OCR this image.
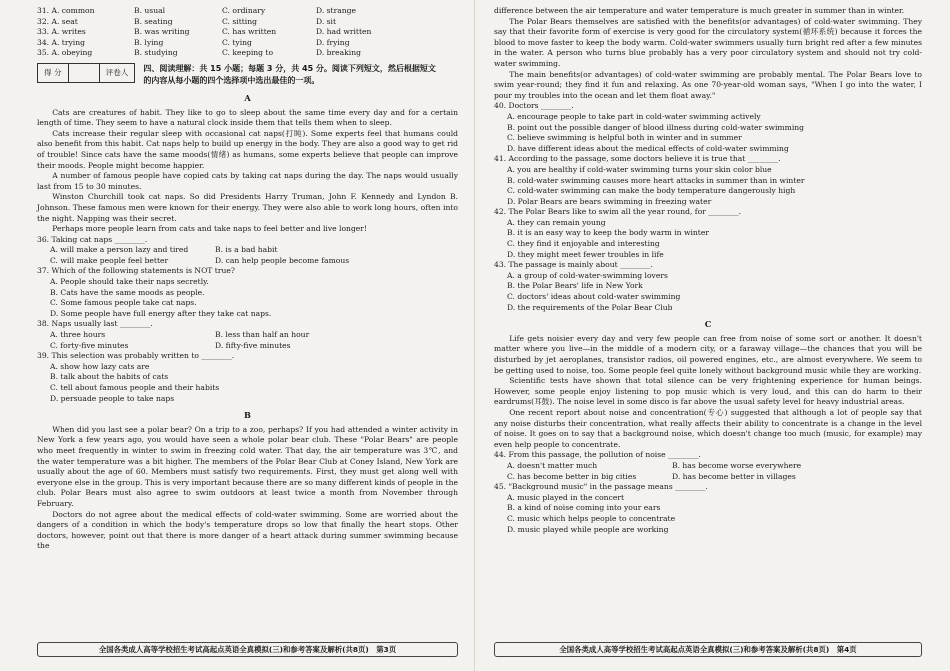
31. A. common	B. usual	C. ordinary	D. strange
32. A. seat	B. seating	C. sitting	D. sit
33. A. writes	B. was writing	C. has written	D. had written
34. A. trying	B. lying	C. tying	D. frying
35. A. obeying	B. studying	C. keeping to	D. breaking
得 分	评卷人	四、阅读理解：共 15 小题；每题 3 分，共 45 分。阅读下列短文，然后根据短文的内容从每小题的四个选择项中选出最佳的一项。
A

Cats are creatures of habit. They like to go to sleep about the same time every day and for a certain length of time. They seem to have a natural clock inside them that tells them when to sleep.

Cats increase their regular sleep with occasional cat naps(打盹). Some experts feel that humans could also benefit from this habit. Cat naps help to build up energy in the body. They are also a good way to get rid of trouble! Since cats have the same moods(情绪) as humans, some experts believe that people can improve their moods. People might become happier.

A number of famous people have copied cats by taking cat naps during the day. The naps would usually last from 15 to 30 minutes.

Winston Churchill took cat naps. So did Presidents Harry Truman, John F. Kennedy and Lyndon B. Johnson. These famous men were known for their energy. They were also able to work long hours, often into the night. Napping was their secret.

Perhaps more people learn from cats and take naps to feel better and live longer!

36. Taking cat naps ________.

A. will make a person lazy and tired	B. is a bad habit
C. will make people feel better	D. can help people become famous

37. Which of the following statements is NOT true?

A. People should take their naps secretly.

B. Cats have the same moods as people.

C. Some famous people take cat naps.

D. Some people have full energy after they take cat naps.

38. Naps usually last ________.

A. three hours	B. less than half an hour
C. forty-five minutes	D. fifty-five minutes

39. This selection was probably written to ________.

A. show how lazy cats are

B. talk about the habits of cats

C. tell about famous people and their habits

D. persuade people to take naps

B

When did you last see a polar bear? On a trip to a zoo, perhaps? If you had attended a winter activity in New York a few years ago, you would have seen a whole polar bear club. These "Polar Bears" are people who meet frequently in winter to swim in freezing cold water. That day, the air temperature was 3℃, and the water temperature was a bit higher. The members of the Polar Bear Club at Coney Island, New York are usually about the age of 60. Members must satisfy two requirements. First, they must get along well with everyone else in the group. This is very important because there are so many different kinds of people in the club. Polar Bears must also agree to swim outdoors at least twice a month from November through February.

Doctors do not agree about the medical effects of cold-water swimming. Some are worried about the dangers of a condition in which the body's temperature drops so low that finally the heart stops. Other doctors, however, point out that there is more danger of a heart attack during summer swimming because the

全国各类成人高等学校招生考试高起点英语全真模拟(三)和参考答案及解析(共8页)　第3页

difference between the air temperature and water temperature is much greater in summer than in winter.

The Polar Bears themselves are satisfied with the benefits(or advantages) of cold-water swimming. They say that their favorite form of exercise is very good for the circulatory system(循环系统) because it forces the blood to move faster to keep the body warm. Cold-water swimmers usually turn bright red after a few minutes in the water. A person who turns blue probably has a very poor circulatory system and should not try cold-water swimming.

The main benefits(or advantages) of cold-water swimming are probably mental. The Polar Bears love to swim year-round; they find it fun and relaxing. As one 70-year-old woman says, "When I go into the water, I pour my troubles into the ocean and let them float away."

40. Doctors ________.

A. encourage people to take part in cold-water swimming actively

B. point out the possible danger of blood illness during cold-water swimming

C. believe swimming is helpful both in winter and in summer

D. have different ideas about the medical effects of cold-water swimming

41. According to the passage, some doctors believe it is true that ________.

A. you are healthy if cold-water swimming turns your skin color blue

B. cold-water swimming causes more heart attacks in summer than in winter

C. cold-water swimming can make the body temperature dangerously high

D. Polar Bears are bears swimming in freezing water

42. The Polar Bears like to swim all the year round, for ________.

A. they can remain young

B. it is an easy way to keep the body warm in winter

C. they find it enjoyable and interesting

D. they might meet fewer troubles in life

43. The passage is mainly about ________.

A. a group of cold-water-swimming lovers

B. the Polar Bears' life in New York

C. doctors' ideas about cold-water swimming

D. the requirements of the Polar Bear Club

C

Life gets noisier every day and very few people can free from noise of some sort or another. It doesn't matter where you live—in the middle of a modern city, or a faraway village—the chances that you will be disturbed by jet aeroplanes, transistor radios, oil powered engines, etc., are almost everywhere. We seem to be getting used to noise, too. Some people feel quite lonely without background music while they are working.

Scientific tests have shown that total silence can be very frightening experience for human beings. However, some people enjoy listening to pop music which is very loud, and this can do harm to their eardrums(耳鼓). The noise level in some disco is far above the usual safety level for heavy industrial areas.

One recent report about noise and concentration(专心) suggested that although a lot of people say that any noise disturbs their concentration, what really affects their ability to concentrate is a change in the level of noise. It goes on to say that a background noise, which doesn't change too much (music, for example) may even help people to concentrate.

44. From this passage, the pollution of noise ________.

A. doesn't matter much	B. has become worse everywhere
C. has become better in big cities	D. has become better in villages

45. "Background music" in the passage means ________.

A. music played in the concert

B. a kind of noise coming into your ears

C. music which helps people to concentrate

D. music played while people are working

全国各类成人高等学校招生考试高起点英语全真模拟(三)和参考答案及解析(共8页)　第4页
